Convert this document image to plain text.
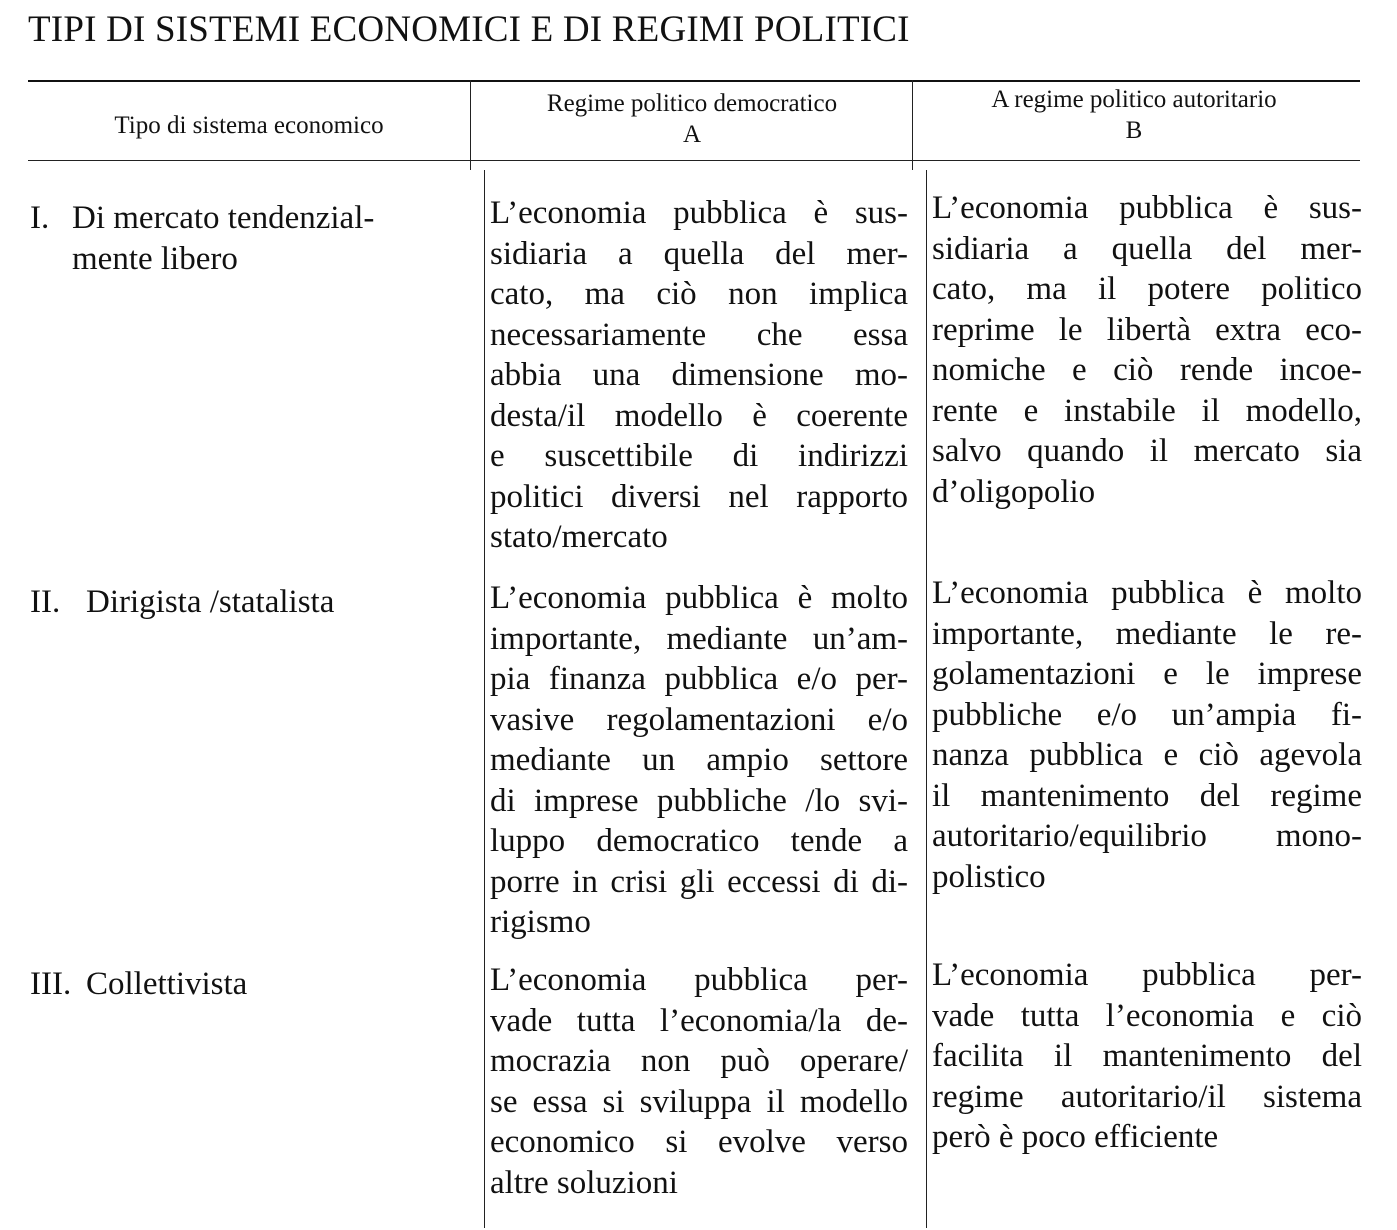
TIPI DI SISTEMI ECONOMICI E DI REGIMI POLITICI
Tipo di sistema economico
Regime politico democratico
A
A regime politico autoritario
B
I. Di mercato tendenzial-
mente libero
L’economia pubblica è sus-
sidiaria a quella del mer-
cato, ma ciò non implica
necessariamente che essa
abbia una dimensione mo-
desta/il modello è coerente
e suscettibile di indirizzi
politici diversi nel rapporto
stato/mercato
L’economia pubblica è sus-
sidiaria a quella del mer-
cato, ma il potere politico
reprime le libertà extra eco-
nomiche e ciò rende incoe-
rente e instabile il modello,
salvo quando il mercato sia
d’oligopolio
II. Dirigista /statalista	L’economia pubblica è molto
importante, mediante un’am-
pia finanza pubblica e/o per-
vasive regolamentazioni e/o
mediante un ampio settore
di imprese pubbliche /lo svi-
luppo democratico tende a
porre in crisi gli eccessi di di-
rigismo
L’economia pubblica è molto
importante, mediante le re-
golamentazioni e le imprese
pubbliche e/o un’ampia fi-
nanza pubblica e ciò agevola
il mantenimento del regime
autoritario/equilibrio mono-
polistico
III. Collettivista	L’economia pubblica per-
vade tutta l’economia/la de-
mocrazia non può operare/
se essa si sviluppa il modello
economico si evolve verso
altre soluzioni
L’economia pubblica per-
vade tutta l’economia e ciò
facilita il mantenimento del
regime autoritario/il sistema
però è poco efficiente
